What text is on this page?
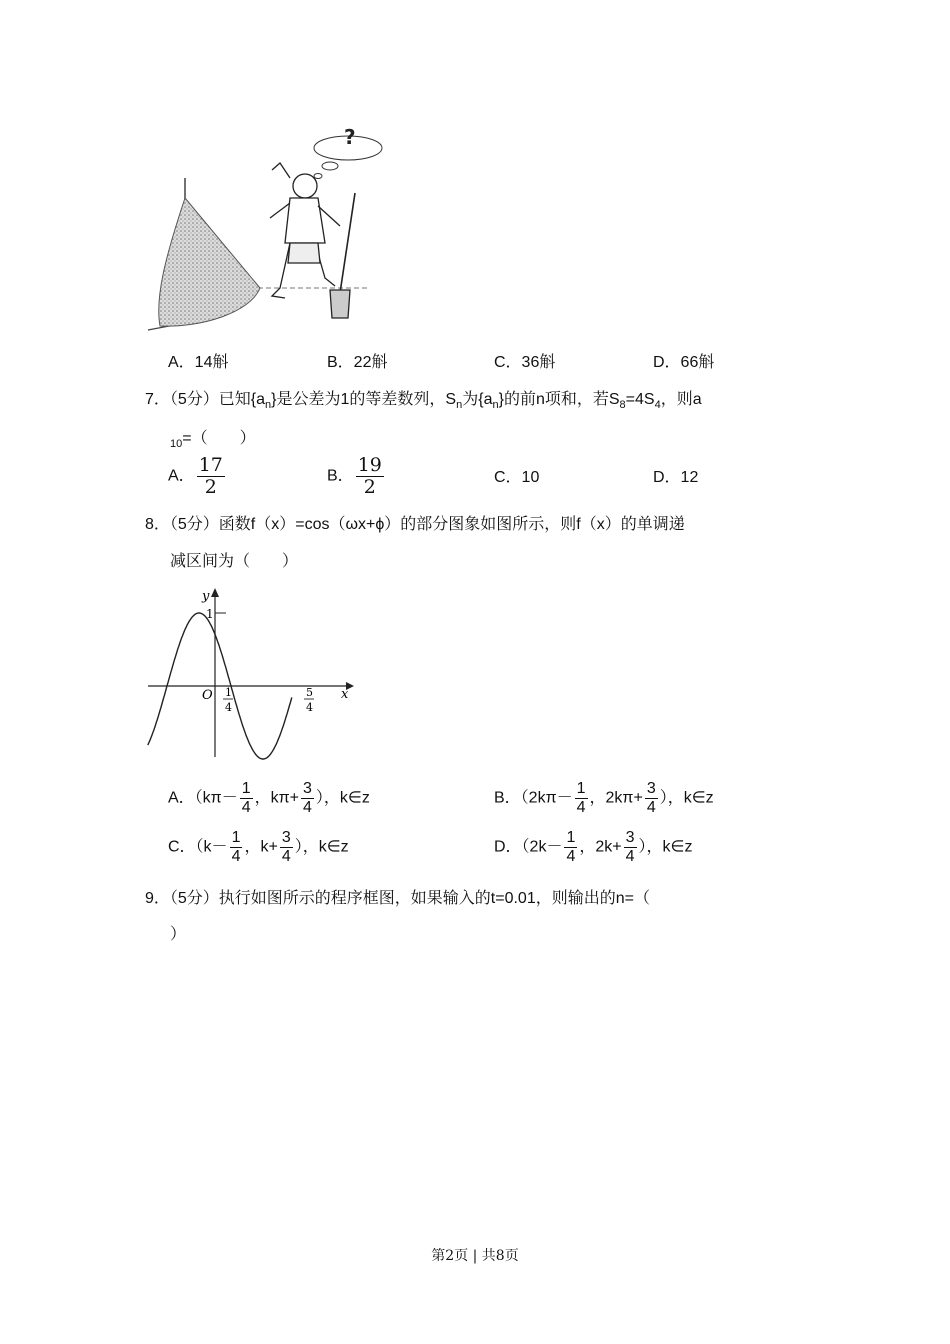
?
A．14斛	B．22斛	C．36斛	D．66斛
7．（5分）已知$\{a_n\}$是公差为1的等差数列，$S_n$为$\{a_n\}$的前n项和，若$S_8=4S_4$，则a
$_{10}$=（　　）
A． $\frac{17}{2}$	B． $\frac{19}{2}$	C．10	D．12
8．（5分）函数f（x）=cos（ωx+ϕ）的部分图象如图所示，则f（x）的单调递
减区间为（　　）
y
x
O
1
1
4
5
4
A．（$k\pi- \frac{1}{4}$ ，$k\pi+ \frac{3}{4}$ ），k∈z	B．（$2k\pi- \frac{1}{4}$ ，$2k\pi+ \frac{3}{4}$ ），k∈z
C．（$k- \frac{1}{4}$ ，$k+ \frac{3}{4}$ ），k∈z	D．（$2k- \frac{1}{4}$ ，$2k+ \frac{3}{4}$ ），k∈z
9．（5分）执行如图所示的程序框图，如果输入的t=0.01，则输出的n=（
）
第2页 | 共8页
